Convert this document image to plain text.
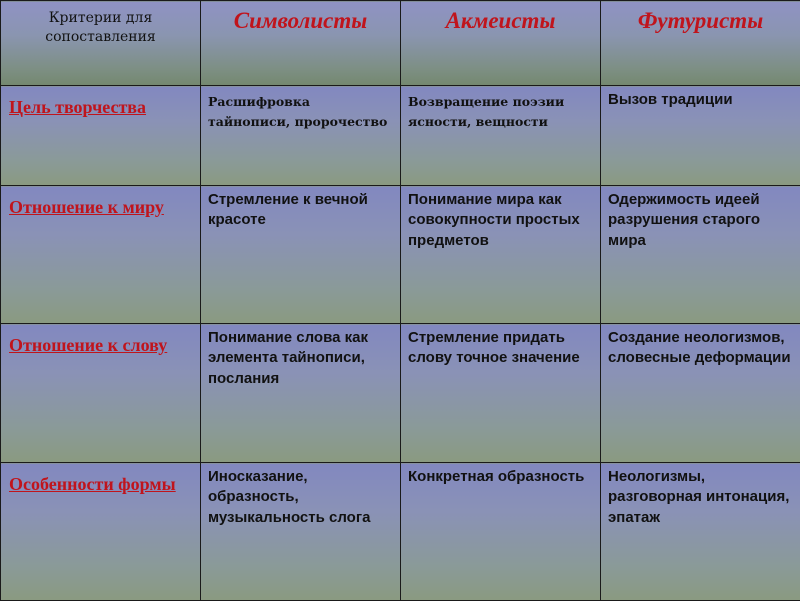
Критерии для сопоставления	Символисты	Акмеисты	Футуристы

Цель творчества	Расшифровка тайнописи, пророчество	Возвращение поэзии ясности, вещности	Вызов традиции

Отношение к миру	Стремление к вечной красоте	Понимание мира как совокупности простых предметов	Одержимость идеей разрушения старого мира

Отношение к слову	Понимание слова как элемента тайнописи, послания	Стремление придать слову точное значение	Создание неологизмов, словесные деформации

Особенности формы	Иносказание, образность, музыкальность слога	Конкретная образность	Неологизмы, разговорная интонация, эпатаж
